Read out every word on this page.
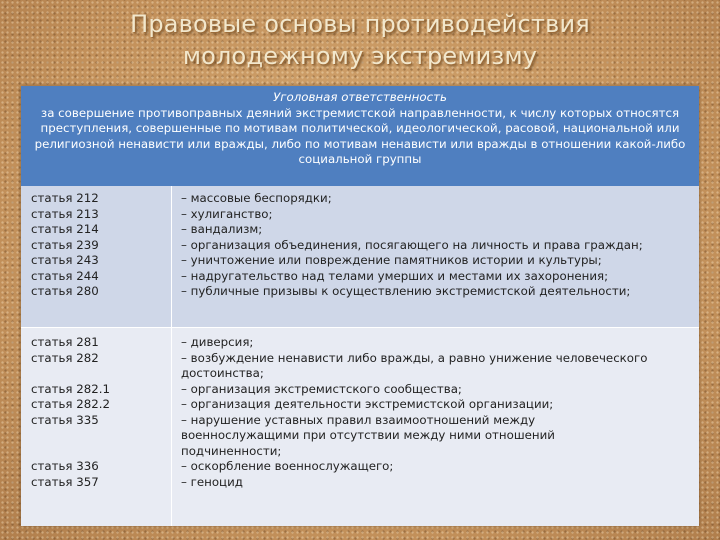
Правовые основы противодействия
молодежному экстремизму
Уголовная ответственность
за совершение противоправных деяний экстремистской направленности, к числу которых относятся преступления, совершенные по мотивам политической, идеологической, расовой, национальной или религиозной ненависти или вражды, либо по мотивам ненависти или вражды в отношении какой-либо социальной группы
статья 212
статья 213
статья 214
статья 239
статья 243
статья 244
статья 280
– массовые беспорядки;
– хулиганство;
– вандализм;
– организация объединения, посягающего на личность и права граждан;
– уничтожение или повреждение памятников истории и культуры;
– надругательство над телами умерших и местами их захоронения;
– публичные призывы к осуществлению экстремистской деятельности;
статья 281
статья 282
статья 282.1
статья 282.2
статья 335
статья 336
статья 357
– диверсия;
– возбуждение ненависти либо вражды, а равно унижение человеческого
достоинства;
– организация экстремистского сообщества;
– организация деятельности экстремистской организации;
– нарушение уставных правил взаимоотношений между
военнослужащими при отсутствии между ними отношений
подчиненности;
– оскорбление военнослужащего;
– геноцид
